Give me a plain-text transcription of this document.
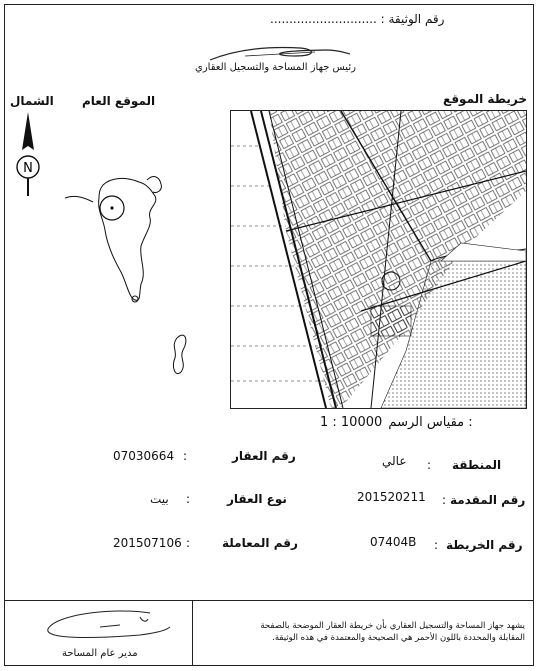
رقم الوثيقة : ............................
رئيس جهاز المساحة والتسجيل العقاري
الشمال الموقع العام	خريطة الموقع
N
1 : 10000 مقياس الرسم :
المنطقة
:
عالي
رقم العقار
:
07030664
رقم المقدمة
:
201520211
نوع العقار
:
بيت
رقم الخريطة
:
07404B
رقم المعاملة
:
201507106
يشهد جهاز المساحة والتسجيل العقاري بأن خريطة العقار الموضحة بالصفحة
المقابلة والمحددة باللون الأحمر هي الصحيحة والمعتمدة في هذه الوثيقة.
مدير عام المساحة
